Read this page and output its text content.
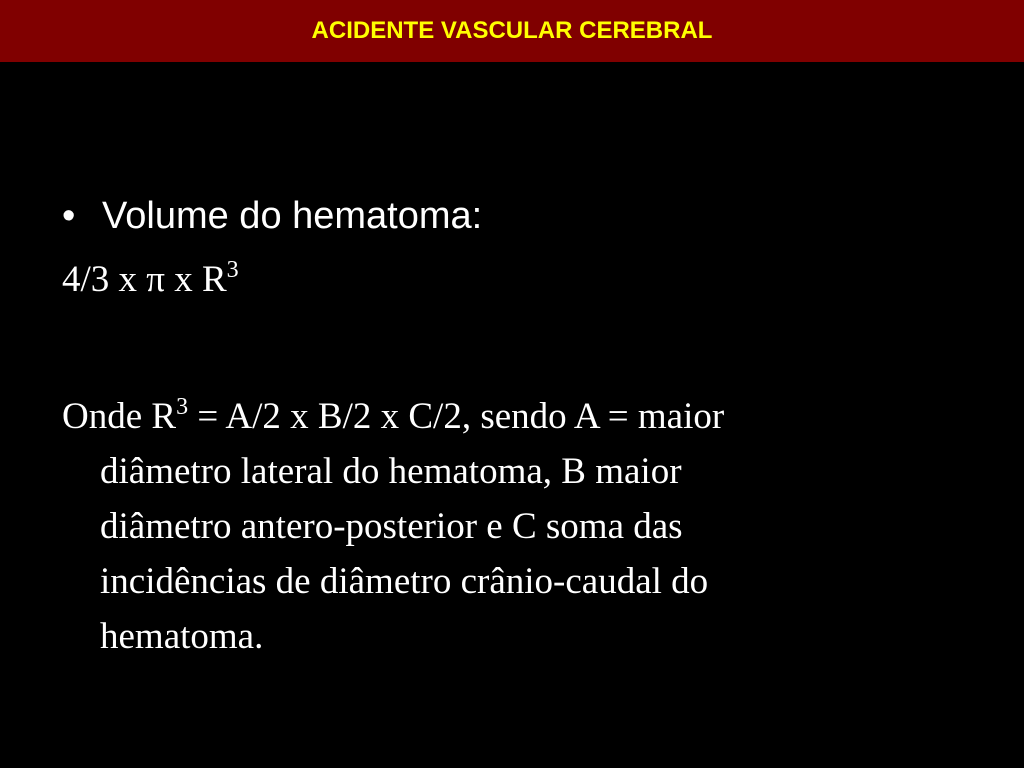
ACIDENTE VASCULAR CEREBRAL
• Volume do hematoma:
4/3 x π x $R^3$
Onde $R^3 = A/2$ x B/2 x C/2, sendo A = maior
diâmetro lateral do hematoma, B maior
diâmetro antero-posterior e C soma das
incidências de diâmetro crânio-caudal do
hematoma.
